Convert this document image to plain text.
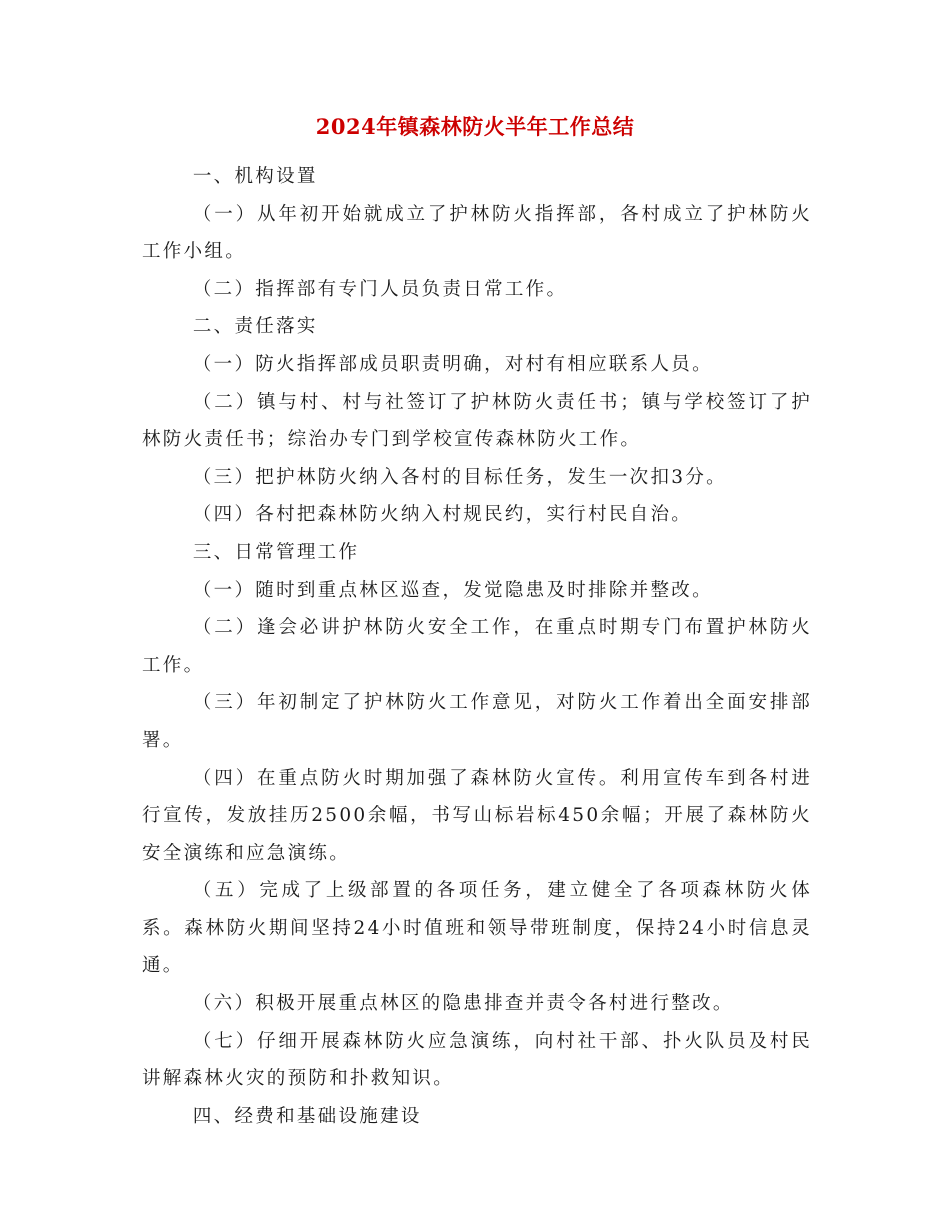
2024年镇森林防火半年工作总结

一、机构设置

（一）从年初开始就成立了护林防火指挥部，各村成立了护林防火工作小组。

（二）指挥部有专门人员负责日常工作。

二、责任落实

（一）防火指挥部成员职责明确，对村有相应联系人员。

（二）镇与村、村与社签订了护林防火责任书；镇与学校签订了护林防火责任书；综治办专门到学校宣传森林防火工作。

（三）把护林防火纳入各村的目标任务，发生一次扣3分。

（四）各村把森林防火纳入村规民约，实行村民自治。

三、日常管理工作

（一）随时到重点林区巡查，发觉隐患及时排除并整改。

（二）逢会必讲护林防火安全工作，在重点时期专门布置护林防火工作。

（三）年初制定了护林防火工作意见，对防火工作着出全面安排部署。

（四）在重点防火时期加强了森林防火宣传。利用宣传车到各村进行宣传，发放挂历2500余幅，书写山标岩标450余幅；开展了森林防火安全演练和应急演练。

（五）完成了上级部置的各项任务，建立健全了各项森林防火体系。森林防火期间坚持24小时值班和领导带班制度，保持24小时信息灵通。

（六）积极开展重点林区的隐患排查并责令各村进行整改。

（七）仔细开展森林防火应急演练，向村社干部、扑火队员及村民讲解森林火灾的预防和扑救知识。

四、经费和基础设施建设
